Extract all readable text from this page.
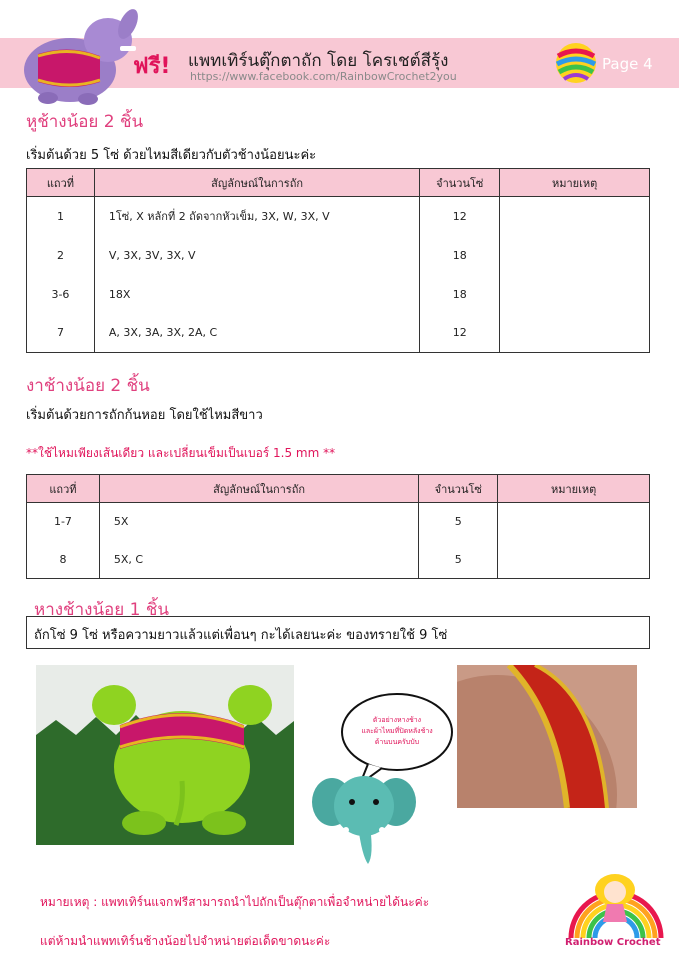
ฟรี! แพทเทิร์นตุ๊กตาถัก โดย โครเชต์สีรุ้ง
https://www.facebook.com/RainbowCrochet2you
Page 4
หูช้างน้อย 2 ชิ้น
เริ่มต้นด้วย 5 โซ่ ด้วยไหมสีเดียวกับตัวช้างน้อยนะค่ะ
แถวที่	สัญลักษณ์ในการถัก	จำนวนโซ่	หมายเหตุ
1	1โซ่, X หลักที่ 2 ถัดจากหัวเข็ม, 3X, W, 3X, V	12	
2	V, 3X, 3V, 3X, V	18	
3-6	18X	18	
7	A, 3X, 3A, 3X, 2A, C	12	
งาช้างน้อย 2 ชิ้น
เริ่มต้นด้วยการถักก้นหอย โดยใช้ไหมสีขาว
**ใช้ไหมเพียงเส้นเดียว และเปลี่ยนเข็มเป็นเบอร์ 1.5 mm **
แถวที่	สัญลักษณ์ในการถัก	จำนวนโซ่	หมายเหตุ
1-7	5X	5	
8	5X, C	5	
หางช้างน้อย 1 ชิ้น
ถักโซ่ 9 โซ่ หรือความยาวแล้วแต่เพื่อนๆ กะได้เลยนะค่ะ ของทรายใช้ 9 โซ่
ตัวอย่างหางช้าง
และผ้าไหมที่ปิดหลังช้าง
ด้านบนครับบับ
หมายเหตุ : แพทเทิร์นแจกฟรีสามารถนำไปถักเป็นตุ๊กตาเพื่อจำหน่ายได้นะค่ะ
แต่ห้ามนำแพทเทิร์นช้างน้อยไปจำหน่ายต่อเด็ดขาดนะค่ะ	Rainbow Crochet
